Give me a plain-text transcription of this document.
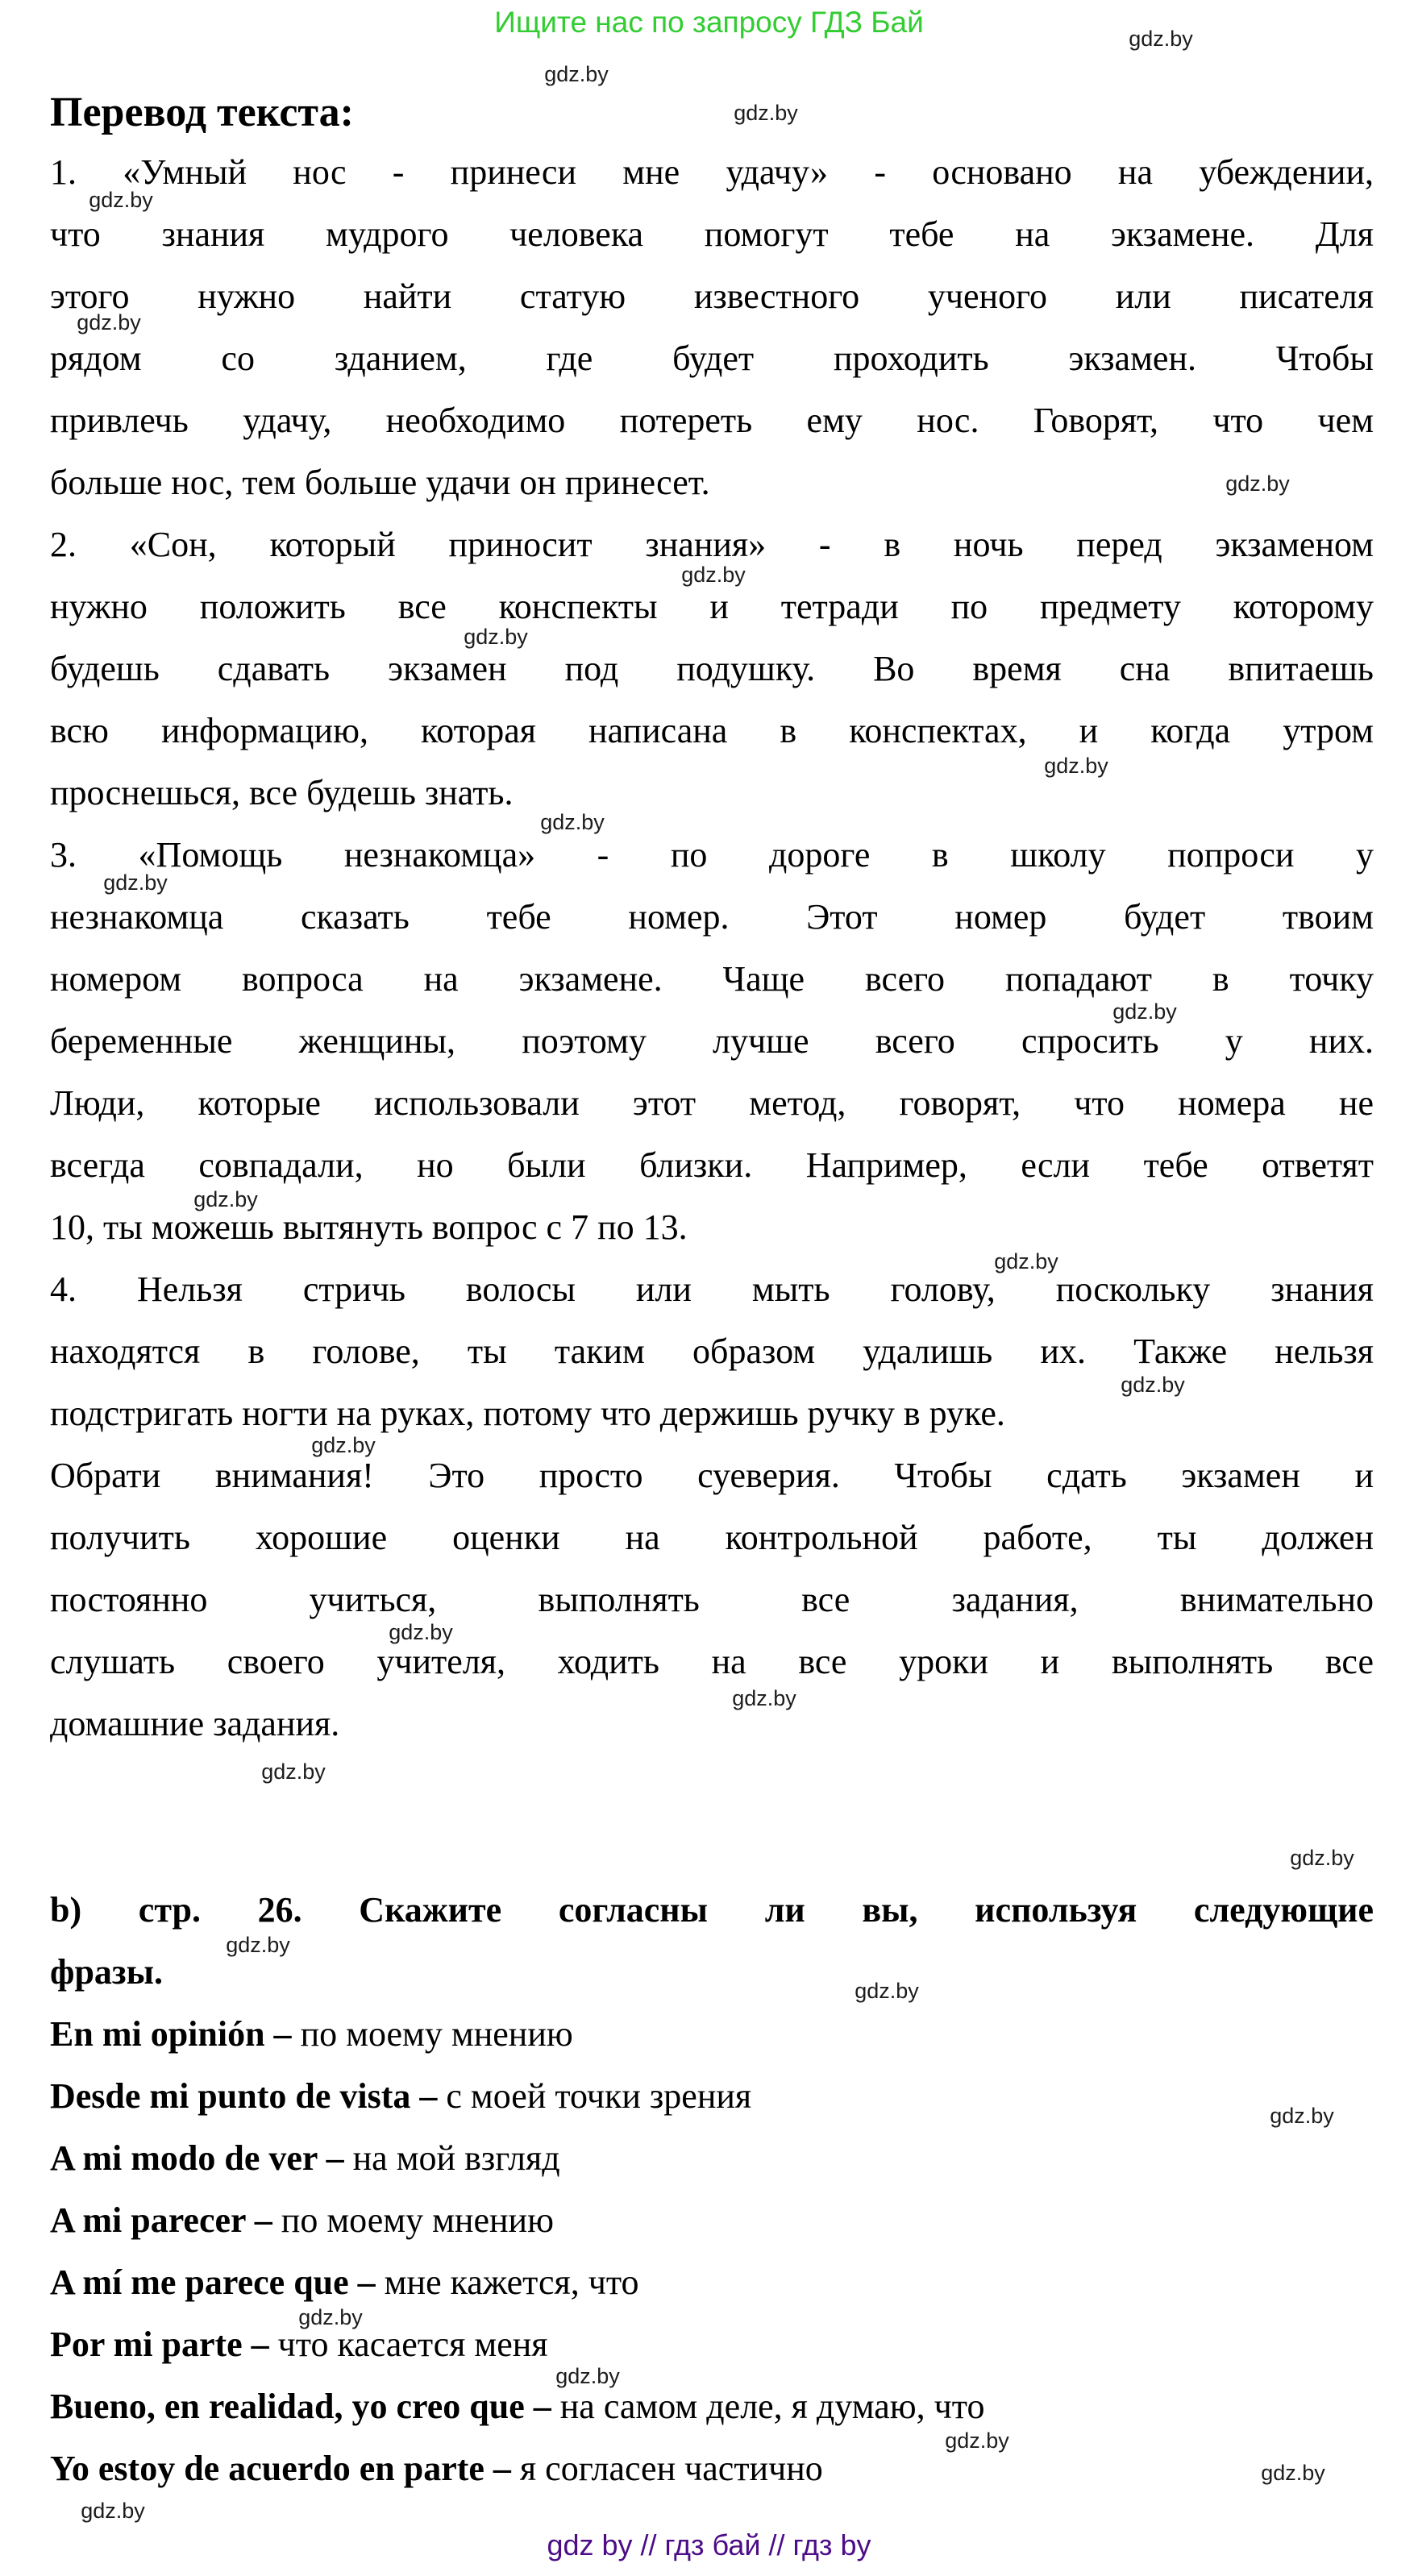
Ищите нас по запросу ГДЗ Бай	gdz.by
gdz.by
gdz.by
gdz.by
gdz.by
gdz.by
gdz.by
gdz.by
gdz.by
gdz.by
gdz.by
gdz.by
gdz.by
gdz.by
gdz.by
gdz.by
gdz.by
gdz.by
gdz.by
gdz.by
gdz.by
gdz.by
gdz.by
gdz.by
gdz.by
gdz.by
gdz.by
gdz.by
Перевод текста:
1. «Умный нос - принеси мне удачу» - основано на убеждении,
что знания мудрого человека помогут тебе на экзамене. Для
этого нужно найти статую известного ученого или писателя
рядом со зданием, где будет проходить экзамен. Чтобы
привлечь удачу, необходимо потереть ему нос. Говорят, что чем
больше нос, тем больше удачи он принесет.
2. «Сон, который приносит знания» - в ночь перед экзаменом
нужно положить все конспекты и тетради по предмету которому
будешь сдавать экзамен под подушку. Во время сна впитаешь
всю информацию, которая написана в конспектах, и когда утром
проснешься, все будешь знать.
3. «Помощь незнакомца» - по дороге в школу попроси у
незнакомца сказать тебе номер. Этот номер будет твоим
номером вопроса на экзамене. Чаще всего попадают в точку
беременные женщины, поэтому лучше всего спросить у них.
Люди, которые использовали этот метод, говорят, что номера не
всегда совпадали, но были близки. Например, если тебе ответят
10, ты можешь вытянуть вопрос с 7 по 13.
4. Нельзя стричь волосы или мыть голову, поскольку знания
находятся в голове, ты таким образом удалишь их. Также нельзя
подстригать ногти на руках, потому что держишь ручку в руке.
Обрати внимания! Это просто суеверия. Чтобы сдать экзамен и
получить хорошие оценки на контрольной работе, ты должен
постоянно учиться, выполнять все задания, внимательно
слушать своего учителя, ходить на все уроки и выполнять все
домашние задания.
b) стр. 26. Скажите согласны ли вы, используя следующие
фразы.
En mi opinión – по моему мнению
Desde mi punto de vista – с моей точки зрения
A mi modo de ver – на мой взгляд
A mi parecer – по моему мнению
A mí me parece que – мне кажется, что
Por mi parte – что касается меня
Bueno, en realidad, yo creo que – на самом деле, я думаю, что
Yo estoy de acuerdo en parte – я согласен частично
gdz by // гдз бай // гдз by
